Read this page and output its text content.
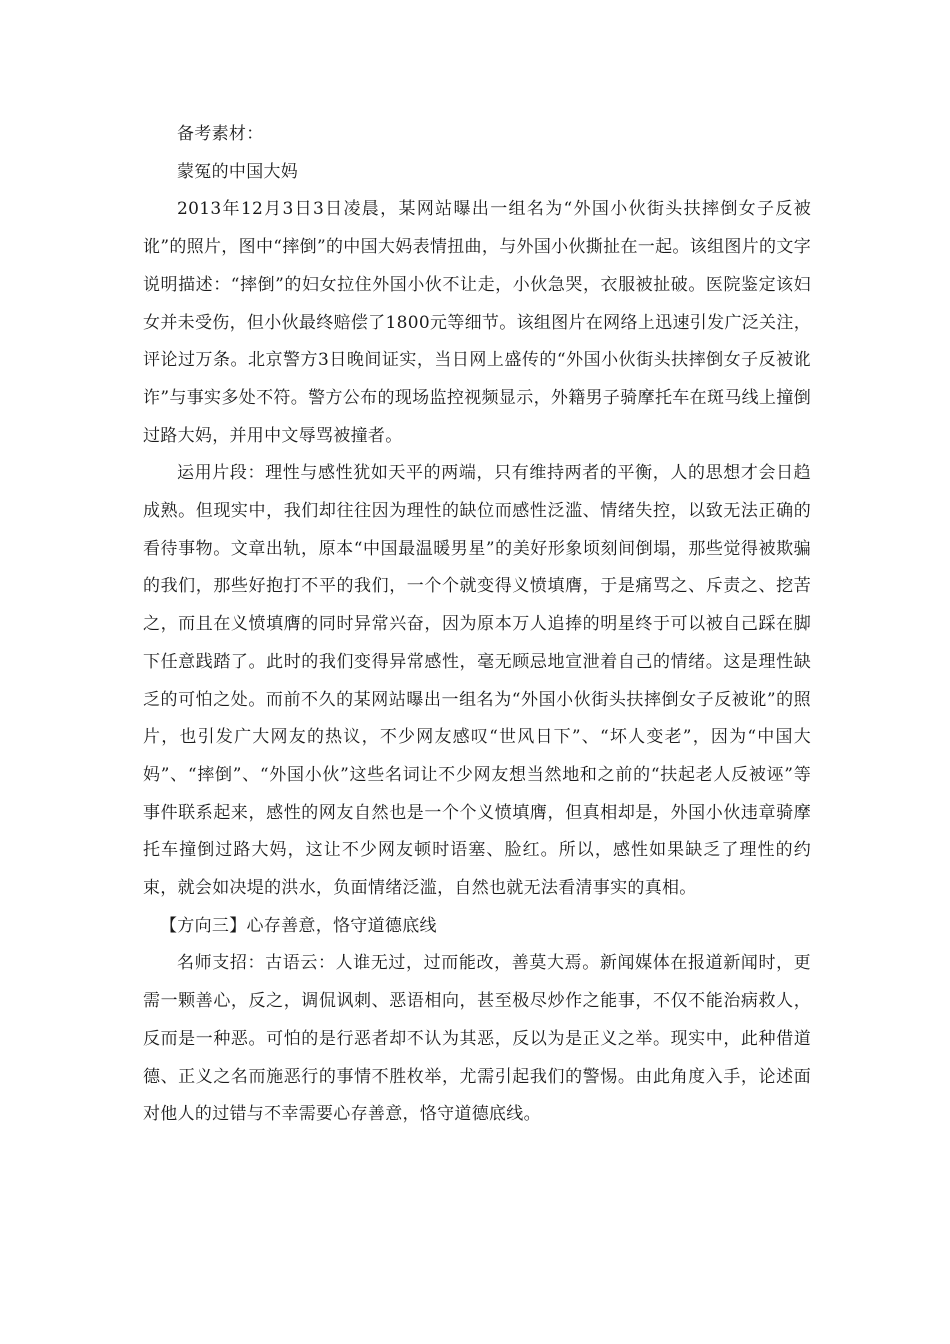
备考素材：

蒙冤的中国大妈

2013年12月3日3日凌晨，某网站曝出一组名为“外国小伙街头扶摔倒女子反被讹”的照片，图中“摔倒”的中国大妈表情扭曲，与外国小伙撕扯在一起。该组图片的文字说明描述：“摔倒”的妇女拉住外国小伙不让走，小伙急哭，衣服被扯破。医院鉴定该妇女并未受伤，但小伙最终赔偿了1800元等细节。该组图片在网络上迅速引发广泛关注，评论过万条。北京警方3日晚间证实，当日网上盛传的“外国小伙街头扶摔倒女子反被讹诈”与事实多处不符。警方公布的现场监控视频显示，外籍男子骑摩托车在斑马线上撞倒过路大妈，并用中文辱骂被撞者。

运用片段：理性与感性犹如天平的两端，只有维持两者的平衡，人的思想才会日趋成熟。但现实中，我们却往往因为理性的缺位而感性泛滥、情绪失控，以致无法正确的看待事物。文章出轨，原本“中国最温暖男星”的美好形象顷刻间倒塌，那些觉得被欺骗的我们，那些好抱打不平的我们，一个个就变得义愤填膺，于是痛骂之、斥责之、挖苦之，而且在义愤填膺的同时异常兴奋，因为原本万人追捧的明星终于可以被自己踩在脚下任意践踏了。此时的我们变得异常感性，毫无顾忌地宣泄着自己的情绪。这是理性缺乏的可怕之处。而前不久的某网站曝出一组名为“外国小伙街头扶摔倒女子反被讹”的照片，也引发广大网友的热议，不少网友感叹“世风日下”、“坏人变老”，因为“中国大妈”、“摔倒”、“外国小伙”这些名词让不少网友想当然地和之前的“扶起老人反被诬”等事件联系起来，感性的网友自然也是一个个义愤填膺，但真相却是，外国小伙违章骑摩托车撞倒过路大妈，这让不少网友顿时语塞、脸红。所以，感性如果缺乏了理性的约束，就会如决堤的洪水，负面情绪泛滥，自然也就无法看清事实的真相。

【方向三】心存善意，恪守道德底线

名师支招：古语云：人谁无过，过而能改，善莫大焉。新闻媒体在报道新闻时，更需一颗善心，反之，调侃讽刺、恶语相向，甚至极尽炒作之能事，不仅不能治病救人，反而是一种恶。可怕的是行恶者却不认为其恶，反以为是正义之举。现实中，此种借道德、正义之名而施恶行的事情不胜枚举，尤需引起我们的警惕。由此角度入手，论述面对他人的过错与不幸需要心存善意，恪守道德底线。
